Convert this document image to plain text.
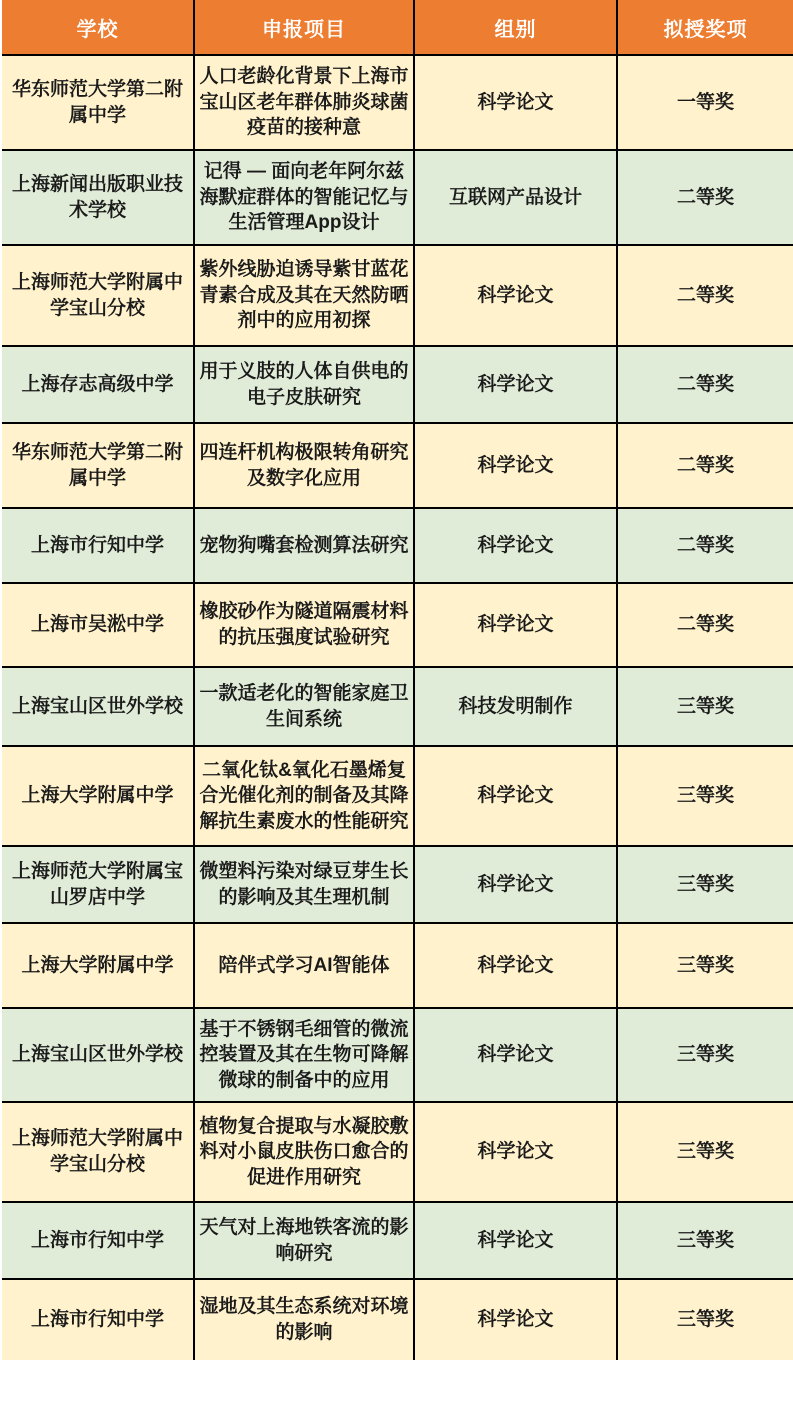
学校	申报项目	组别	拟授奖项
华东师范大学第二附属中学	人口老龄化背景下上海市宝山区老年群体肺炎球菌疫苗的接种意	科学论文	一等奖
上海新闻出版职业技术学校	记得 — 面向老年阿尔兹海默症群体的智能记忆与生活管理App设计	互联网产品设计	二等奖
上海师范大学附属中学宝山分校	紫外线胁迫诱导紫甘蓝花青素合成及其在天然防晒剂中的应用初探	科学论文	二等奖
上海存志高级中学	用于义肢的人体自供电的电子皮肤研究	科学论文	二等奖
华东师范大学第二附属中学	四连杆机构极限转角研究及数字化应用	科学论文	二等奖
上海市行知中学	宠物狗嘴套检测算法研究	科学论文	二等奖
上海市吴淞中学	橡胶砂作为隧道隔震材料的抗压强度试验研究	科学论文	二等奖
上海宝山区世外学校	一款适老化的智能家庭卫生间系统	科技发明制作	三等奖
上海大学附属中学	二氧化钛&氧化石墨烯复合光催化剂的制备及其降解抗生素废水的性能研究	科学论文	三等奖
上海师范大学附属宝山罗店中学	微塑料污染对绿豆芽生长的影响及其生理机制	科学论文	三等奖
上海大学附属中学	陪伴式学习AI智能体	科学论文	三等奖
上海宝山区世外学校	基于不锈钢毛细管的微流控装置及其在生物可降解微球的制备中的应用	科学论文	三等奖
上海师范大学附属中学宝山分校	植物复合提取与水凝胶敷料对小鼠皮肤伤口愈合的促进作用研究	科学论文	三等奖
上海市行知中学	天气对上海地铁客流的影响研究	科学论文	三等奖
上海市行知中学	湿地及其生态系统对环境的影响	科学论文	三等奖
